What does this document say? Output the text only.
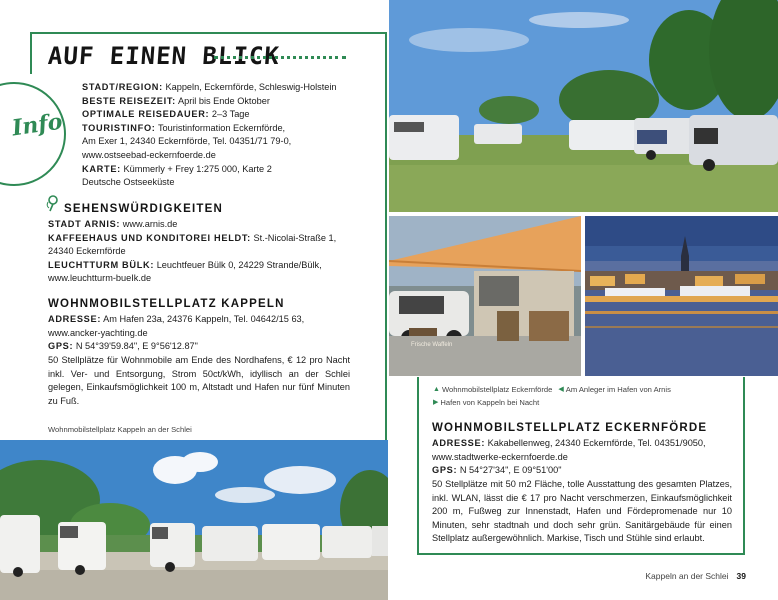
AUF EINEN BLICK
Info
STADT/REGION: Kappeln, Eckernförde, Schleswig-Holstein
BESTE REISEZEIT: April bis Ende Oktober
OPTIMALE REISEDAUER: 2–3 Tage
TOURISTINFO: Touristinformation Eckernförde,
Am Exer 1, 24340 Eckernförde, Tel. 04351/71 79-0,
www.ostseebad-eckernfoerde.de
KARTE: Kümmerly + Frey 1:275 000, Karte 2
Deutsche Ostseeküste
SEHENSWÜRDIGKEITEN
STADT ARNIS: www.arnis.de
KAFFEEHAUS UND KONDITOREI HELDT: St.-Nicolai-Straße 1,
24340 Eckernförde
LEUCHTTURM BÜLK: Leuchtfeuer Bülk 0, 24229 Strande/Bülk,
www.leuchtturm-bueIk.de
WOHNMOBILSTELLPLATZ KAPPELN
ADRESSE: Am Hafen 23a, 24376 Kappeln, Tel. 04642/15 63,
www.ancker-yachting.de
GPS: N 54°39'59.84", E 9°56'12.87"
50 Stellplätze für Wohnmobile am Ende des Nordhafens, € 12 pro Nacht inkl. Ver- und Entsorgung, Strom 50ct/kWh, idyllisch an der Schlei gelegen, Einkaufsmöglichkeit 100 m, Altstadt und Hafen nur fünf Minuten zu Fuß.
Wohnmobilstellplatz Kappeln an der Schlei
Frische Waffeln
▲ Wohnmobilstellplatz Eckernförde ◀ Am Anleger im Hafen von Arnis
▶ Hafen von Kappeln bei Nacht
WOHNMOBILSTELLPLATZ ECKERNFÖRDE
ADRESSE: Kakabellenweg, 24340 Eckernförde, Tel. 04351/9050,
www.stadtwerke-eckernfoerde.de
GPS: N 54°27'34", E 09°51'00"
50 Stellplätze mit 50 m2 Fläche, tolle Ausstattung des gesamten Platzes, inkl. WLAN, lässt die € 17 pro Nacht verschmerzen, Einkaufsmöglichkeit 200 m, Fußweg zur Innenstadt, Hafen und Fördepromenade nur 10 Minuten, sehr stadtnah und doch sehr grün. Sanitärgebäude für einen Stellplatz außergewöhnlich. Markise, Tisch und Stühle sind erlaubt.
Kappeln an der Schlei 39
